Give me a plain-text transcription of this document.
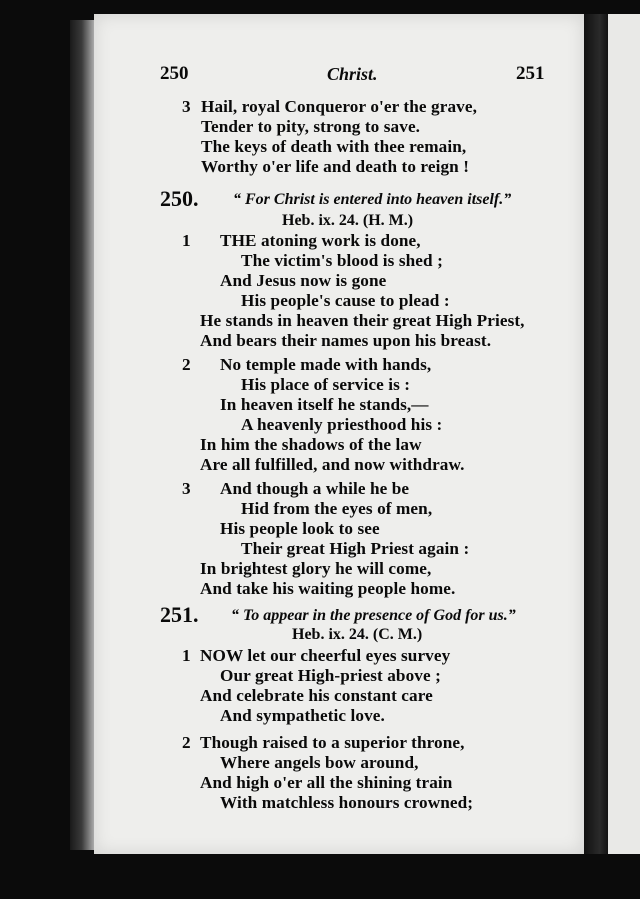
250	Christ.	251
3 Hail, royal Conqueror o'er the grave,
Tender to pity, strong to save.
The keys of death with thee remain,
Worthy o'er life and death to reign !
250. “ For Christ is entered into heaven itself.”
Heb. ix. 24. (H. M.)
1 THE atoning work is done,
The victim's blood is shed ;
And Jesus now is gone
His people's cause to plead :
He stands in heaven their great High Priest,
And bears their names upon his breast.
2 No temple made with hands,
His place of service is :
In heaven itself he stands,—
A heavenly priesthood his :
In him the shadows of the law
Are all fulfilled, and now withdraw.
3 And though a while he be
Hid from the eyes of men,
His people look to see
Their great High Priest again :
In brightest glory he will come,
And take his waiting people home.
251. “ To appear in the presence of God for us.”
Heb. ix. 24. (C. M.)
1 NOW let our cheerful eyes survey
Our great High-priest above ;
And celebrate his constant care
And sympathetic love.
2 Though raised to a superior throne,
Where angels bow around,
And high o'er all the shining train
With matchless honours crowned;
